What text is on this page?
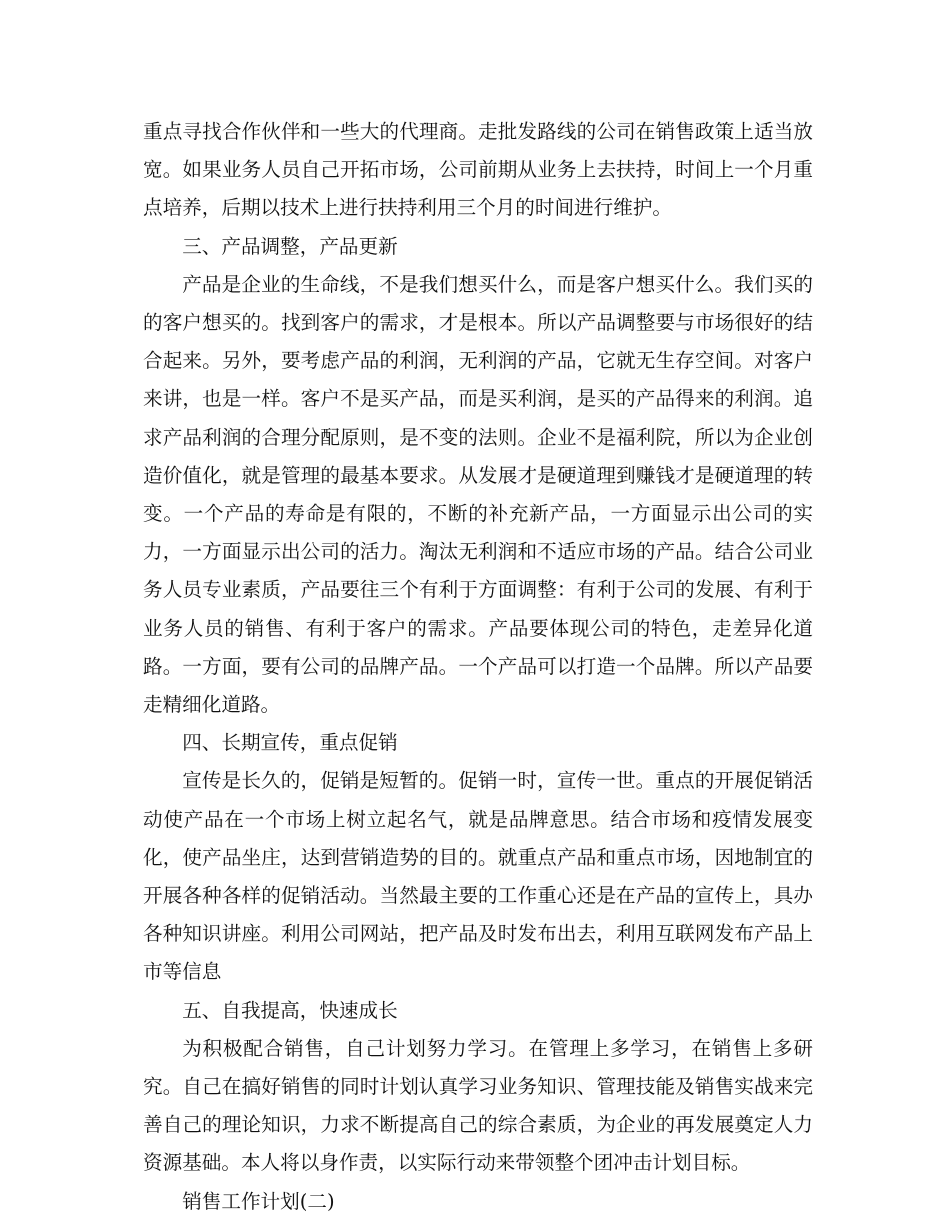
重点寻找合作伙伴和一些大的代理商。走批发路线的公司在销售政策上适当放宽。如果业务人员自己开拓市场，公司前期从业务上去扶持，时间上一个月重点培养，后期以技术上进行扶持利用三个月的时间进行维护。

三、产品调整，产品更新

产品是企业的生命线，不是我们想买什么，而是客户想买什么。我们买的的客户想买的。找到客户的需求，才是根本。所以产品调整要与市场很好的结合起来。另外，要考虑产品的利润，无利润的产品，它就无生存空间。对客户来讲，也是一样。客户不是买产品，而是买利润，是买的产品得来的利润。追求产品利润的合理分配原则，是不变的法则。企业不是福利院，所以为企业创造价值化，就是管理的最基本要求。从发展才是硬道理到赚钱才是硬道理的转变。一个产品的寿命是有限的，不断的补充新产品，一方面显示出公司的实力，一方面显示出公司的活力。淘汰无利润和不适应市场的产品。结合公司业务人员专业素质，产品要往三个有利于方面调整：有利于公司的发展、有利于业务人员的销售、有利于客户的需求。产品要体现公司的特色，走差异化道路。一方面，要有公司的品牌产品。一个产品可以打造一个品牌。所以产品要走精细化道路。

四、长期宣传，重点促销

宣传是长久的，促销是短暂的。促销一时，宣传一世。重点的开展促销活动使产品在一个市场上树立起名气，就是品牌意思。结合市场和疫情发展变化，使产品坐庄，达到营销造势的目的。就重点产品和重点市场，因地制宜的开展各种各样的促销活动。当然最主要的工作重心还是在产品的宣传上，具办各种知识讲座。利用公司网站，把产品及时发布出去，利用互联网发布产品上市等信息

五、自我提高，快速成长

为积极配合销售，自己计划努力学习。在管理上多学习，在销售上多研究。自己在搞好销售的同时计划认真学习业务知识、管理技能及销售实战来完善自己的理论知识，力求不断提高自己的综合素质，为企业的再发展奠定人力资源基础。本人将以身作责，以实际行动来带领整个团冲击计划目标。

销售工作计划(二)
